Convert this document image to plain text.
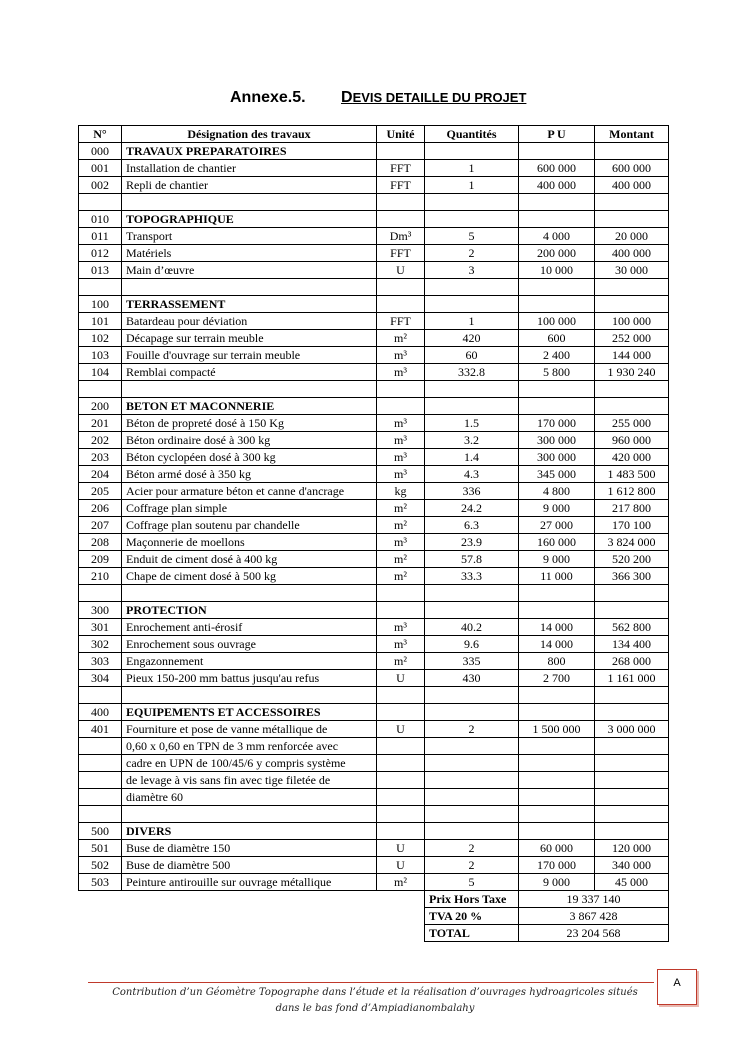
Annexe.5. DEVIS DETAILLE DU PROJET
N°	Désignation des travaux	Unité	Quantités	P U	Montant
000	TRAVAUX PREPARATOIRES				
001	Installation de chantier	FFT	1	600 000	600 000
002	Repli de chantier	FFT	1	400 000	400 000

010	TOPOGRAPHIQUE				
011	Transport	Dm³	5	4 000	20 000
012	Matériels	FFT	2	200 000	400 000
013	Main d’œuvre	U	3	10 000	30 000

100	TERRASSEMENT				
101	Batardeau pour déviation	FFT	1	100 000	100 000
102	Décapage sur terrain meuble	m²	420	600	252 000
103	Fouille d'ouvrage sur terrain meuble	m³	60	2 400	144 000
104	Remblai compacté	m³	332.8	5 800	1 930 240

200	BETON ET MACONNERIE				
201	Béton de propreté dosé à 150 Kg	m³	1.5	170 000	255 000
202	Béton ordinaire dosé à 300 kg	m³	3.2	300 000	960 000
203	Béton cyclopéen dosé à 300 kg	m³	1.4	300 000	420 000
204	Béton armé dosé à 350 kg	m³	4.3	345 000	1 483 500
205	Acier pour armature béton et canne d'ancrage	kg	336	4 800	1 612 800
206	Coffrage plan simple	m²	24.2	9 000	217 800
207	Coffrage plan soutenu par chandelle	m²	6.3	27 000	170 100
208	Maçonnerie de moellons	m³	23.9	160 000	3 824 000
209	Enduit de ciment dosé à 400 kg	m²	57.8	9 000	520 200
210	Chape de ciment dosé à 500 kg	m²	33.3	11 000	366 300

300	PROTECTION				
301	Enrochement anti-érosif	m³	40.2	14 000	562 800
302	Enrochement sous ouvrage	m³	9.6	14 000	134 400
303	Engazonnement	m²	335	800	268 000
304	Pieux 150-200 mm battus jusqu'au refus	U	430	2 700	1 161 000

400	EQUIPEMENTS ET ACCESSOIRES				
401	Fourniture et pose de vanne métallique de	U	2	1 500 000	3 000 000
	0,60 x 0,60 en TPN de 3 mm renforcée avec				
	cadre en UPN de 100/45/6 y compris système				
	de levage à vis sans fin avec tige filetée de				
	diamètre 60				

500	DIVERS				
501	Buse de diamètre 150	U	2	60 000	120 000
502	Buse de diamètre 500	U	2	170 000	340 000
503	Peinture antirouille sur ouvrage métallique	m²	5	9 000	45 000
			Prix Hors Taxe	19 337 140	
			TVA 20 %	3 867 428	
			TOTAL	23 204 568	
Contribution d’un Géomètre Topographe dans l’étude et la réalisation d’ouvrages hydroagricoles situés dans le bas fond d’Ampiadianombalahy
A
